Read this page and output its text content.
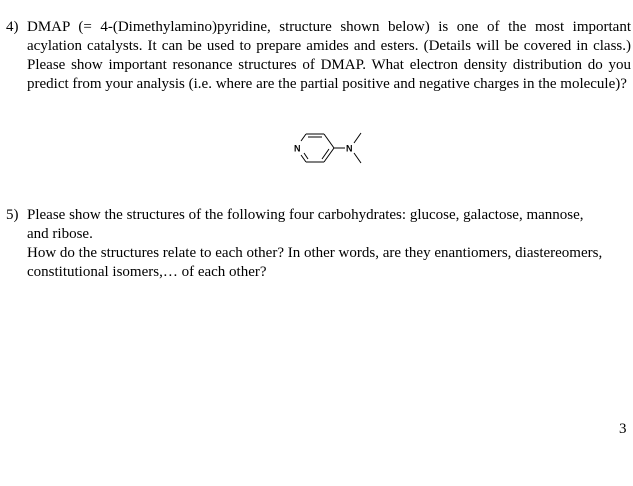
4) DMAP (= 4-(Dimethylamino)pyridine, structure shown below) is one of the most important acylation catalysts. It can be used to prepare amides and esters. (Details will be covered in class.) Please show important resonance structures of DMAP. What electron density distribution do you predict from your analysis (i.e. where are the partial positive and negative charges in the molecule)?
N	N
5) Please show the structures of the following four carbohydrates: glucose, galactose, mannose, and ribose.

How do the structures relate to each other? In other words, are they enantiomers, diastereomers, constitutional isomers,… of each other?

3
